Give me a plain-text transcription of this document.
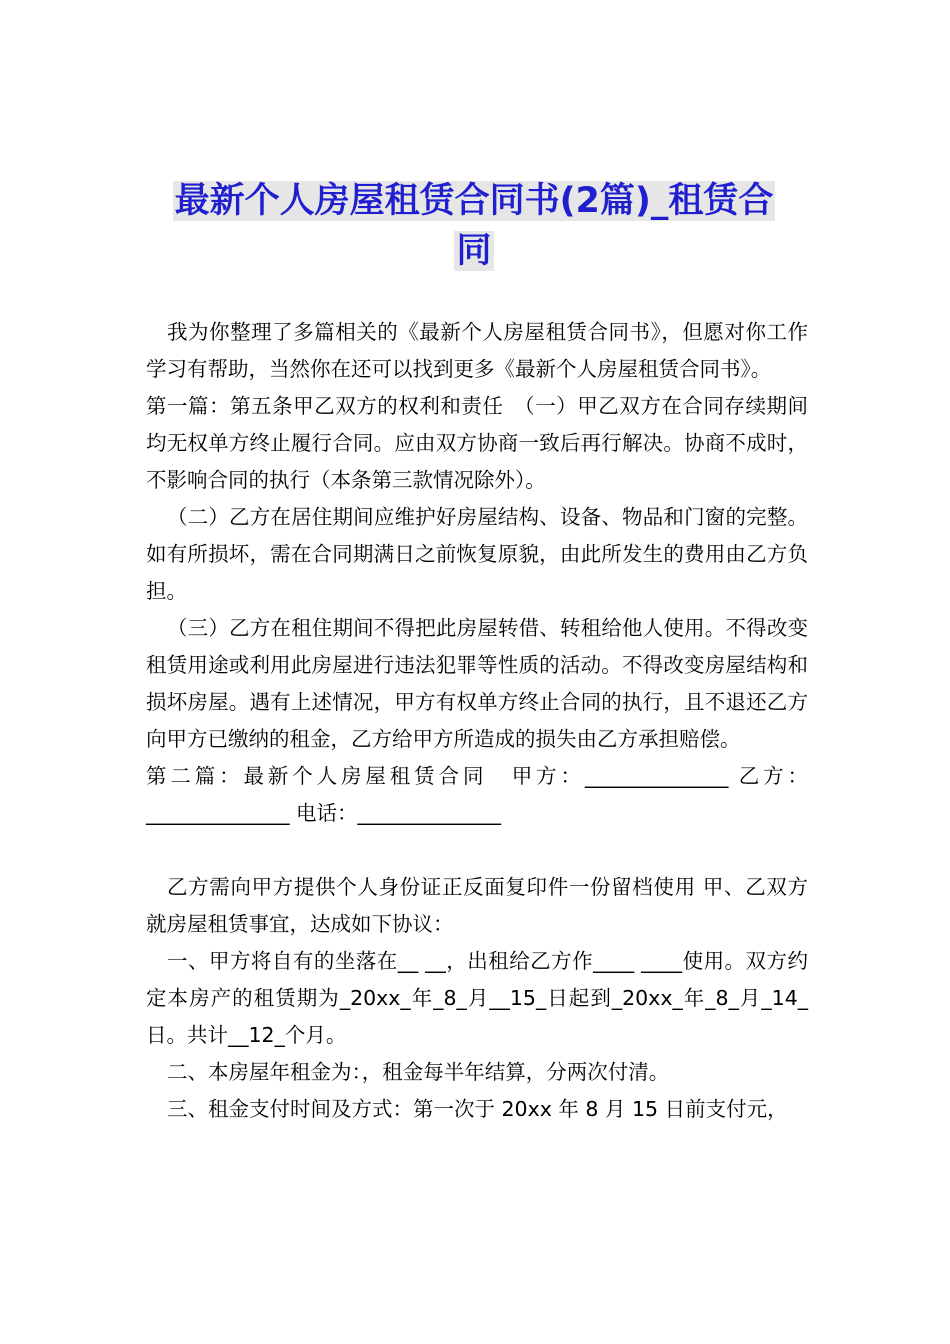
最新个人房屋租赁合同书(2篇)_租赁合
同

我为你整理了多篇相关的《最新个人房屋租赁合同书》，但愿对你工作学习有帮助，当然你在还可以找到更多《最新个人房屋租赁合同书》。

第一篇：第五条甲乙双方的权利和责任　（一）甲乙双方在合同存续期间均无权单方终止履行合同。应由双方协商一致后再行解决。协商不成时，不影响合同的执行（本条第三款情况除外）。

（二）乙方在居住期间应维护好房屋结构、设备、物品和门窗的完整。如有所损坏，需在合同期满日之前恢复原貌，由此所发生的费用由乙方负担。

（三）乙方在租住期间不得把此房屋转借、转租给他人使用。不得改变租赁用途或利用此房屋进行违法犯罪等性质的活动。不得改变房屋结构和损坏房屋。遇有上述情况，甲方有权单方终止合同的执行，且不退还乙方向甲方已缴纳的租金，乙方给甲方所造成的损失由乙方承担赔偿。

第二篇：最新个人房屋租赁合同　甲方：______________ 乙方：______________ 电话：______________

乙方需向甲方提供个人身份证正反面复印件一份留档使用 甲、乙双方就房屋租赁事宜，达成如下协议：

一、甲方将自有的坐落在__ __，出租给乙方作____ ____使用。双方约定本房产的租赁期为_20xx_年_8_月__15_日起到_20xx_年_8_月_14_日。共计__12_个月。

二、本房屋年租金为：，租金每半年结算，分两次付清。

三、租金支付时间及方式：第一次于 20xx 年 8 月 15 日前支付元，
